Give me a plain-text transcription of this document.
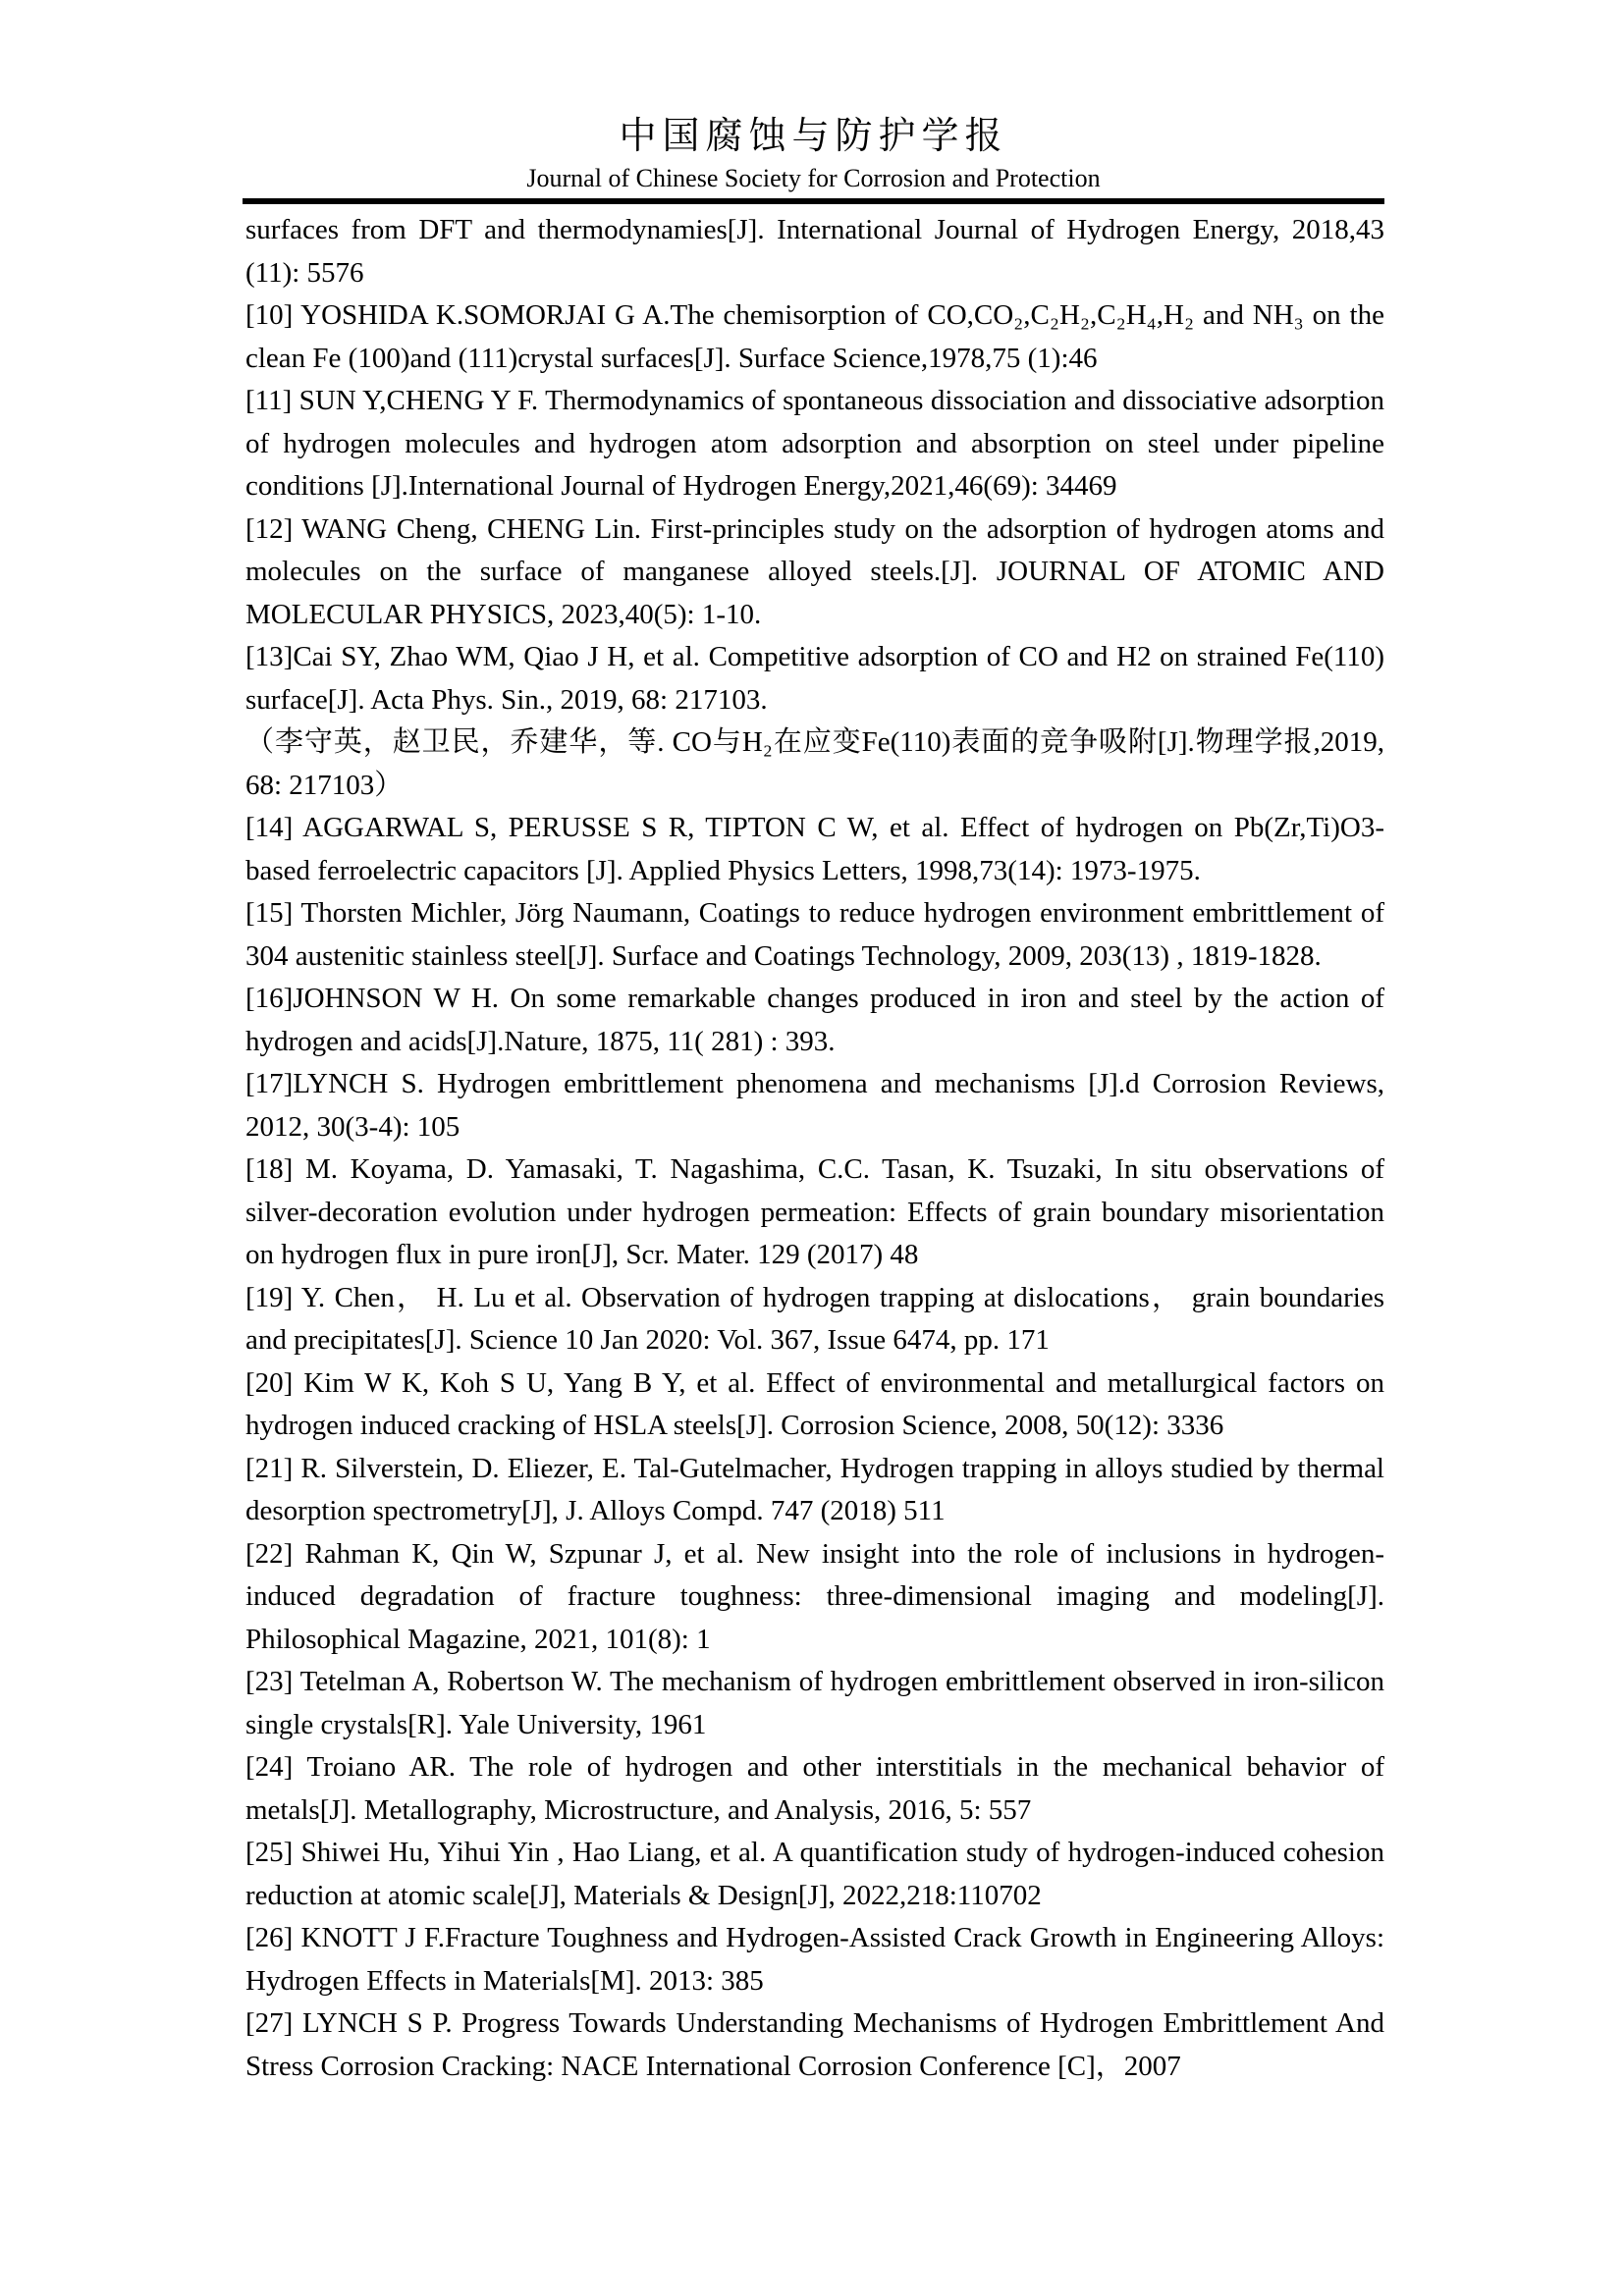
中国腐蚀与防护学报
Journal of Chinese Society for Corrosion and Protection

surfaces from DFT and thermodynamies[J]. International Journal of Hydrogen Energy, 2018,43 (11): 5576

[10] YOSHIDA K.SOMORJAI G A.The chemisorption of CO,CO₂,C₂H₂,C₂H₄,H₂ and NH₃ on the clean Fe (100)and (111)crystal surfaces[J]. Surface Science,1978,75 (1):46

[11] SUN Y,CHENG Y F. Thermodynamics of spontaneous dissociation and dissociative adsorption of hydrogen molecules and hydrogen atom adsorption and absorption on steel under pipeline conditions [J].International Journal of Hydrogen Energy,2021,46(69): 34469

[12] WANG Cheng, CHENG Lin. First-principles study on the adsorption of hydrogen atoms and molecules on the surface of manganese alloyed steels.[J]. JOURNAL OF ATOMIC AND MOLECULAR PHYSICS, 2023,40(5): 1-10.

[13]Cai SY, Zhao WM, Qiao J H, et al. Competitive adsorption of CO and H2 on strained Fe(110) surface[J]. Acta Phys. Sin., 2019, 68: 217103.

（李守英，赵卫民，乔建华，等. CO与H₂在应变Fe(110)表面的竞争吸附[J].物理学报,2019, 68: 217103）

[14] AGGARWAL S, PERUSSE S R, TIPTON C W, et al. Effect of hydrogen on Pb(Zr,Ti)O3-based ferroelectric capacitors [J]. Applied Physics Letters, 1998,73(14): 1973-1975.

[15] Thorsten Michler, Jörg Naumann, Coatings to reduce hydrogen environment embrittlement of 304 austenitic stainless steel[J]. Surface and Coatings Technology, 2009, 203(13) , 1819-1828.

[16]JOHNSON W H. On some remarkable changes produced in iron and steel by the action of hydrogen and acids[J].Nature, 1875, 11( 281) : 393.

[17]LYNCH S. Hydrogen embrittlement phenomena and mechanisms [J].d Corrosion Reviews, 2012, 30(3-4): 105

[18] M. Koyama, D. Yamasaki, T. Nagashima, C.C. Tasan, K. Tsuzaki, In situ observations of silver-decoration evolution under hydrogen permeation: Effects of grain boundary misorientation on hydrogen flux in pure iron[J], Scr. Mater. 129 (2017) 48

[19] Y. Chen， H. Lu et al. Observation of hydrogen trapping at dislocations， grain boundaries and precipitates[J]. Science 10 Jan 2020: Vol. 367, Issue 6474, pp. 171

[20] Kim W K, Koh S U, Yang B Y, et al. Effect of environmental and metallurgical factors on hydrogen induced cracking of HSLA steels[J]. Corrosion Science, 2008, 50(12): 3336

[21] R. Silverstein, D. Eliezer, E. Tal-Gutelmacher, Hydrogen trapping in alloys studied by thermal desorption spectrometry[J], J. Alloys Compd. 747 (2018) 511

[22] Rahman K, Qin W, Szpunar J, et al. New insight into the role of inclusions in hydrogen-induced degradation of fracture toughness: three-dimensional imaging and modeling[J]. Philosophical Magazine, 2021, 101(8): 1

[23] Tetelman A, Robertson W. The mechanism of hydrogen embrittlement observed in iron-silicon single crystals[R]. Yale University, 1961

[24] Troiano AR. The role of hydrogen and other interstitials in the mechanical behavior of metals[J]. Metallography, Microstructure, and Analysis, 2016, 5: 557

[25] Shiwei Hu, Yihui Yin , Hao Liang, et al. A quantification study of hydrogen-induced cohesion reduction at atomic scale[J], Materials & Design[J], 2022,218:110702

[26] KNOTT J F.Fracture Toughness and Hydrogen-Assisted Crack Growth in Engineering Alloys: Hydrogen Effects in Materials[M]. 2013: 385

[27] LYNCH S P. Progress Towards Understanding Mechanisms of Hydrogen Embrittlement And Stress Corrosion Cracking: NACE International Corrosion Conference [C]，2007
